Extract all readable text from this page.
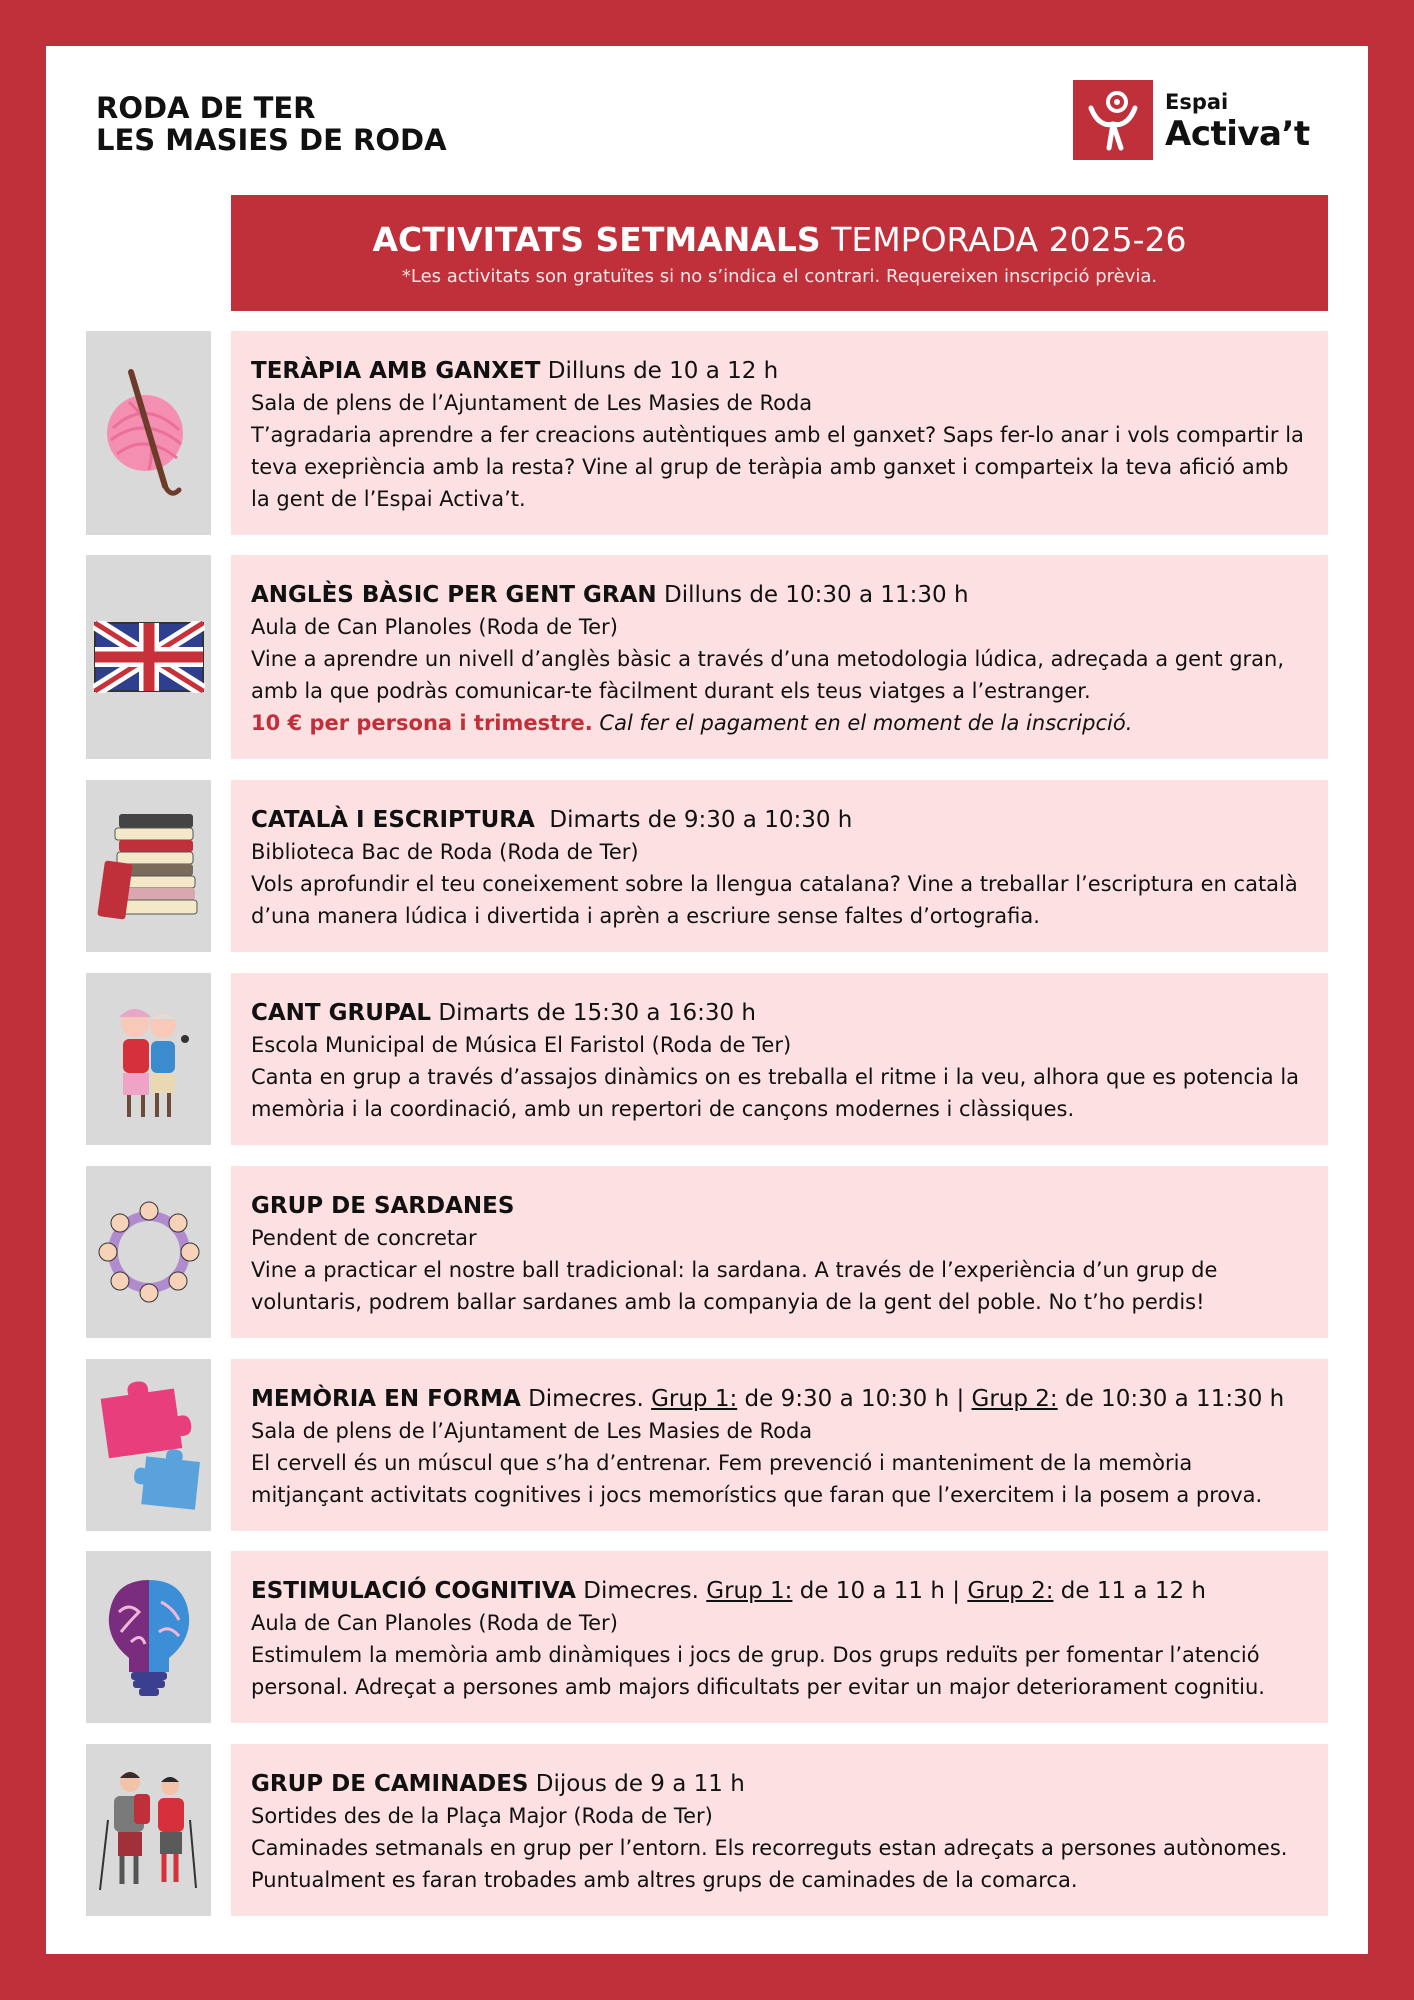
RODA DE TER
LES MASIES DE RODA
Espai
Activa’t
ACTIVITATS SETMANALS TEMPORADA 2025-26
*Les activitats son gratuïtes si no s’indica el contrari. Requereixen inscripció prèvia.

TERÀPIA AMB GANXET Dilluns de 10 a 12 h

Sala de plens de l’Ajuntament de Les Masies de Roda

T’agradaria aprendre a fer creacions autèntiques amb el ganxet? Saps fer-lo anar i vols compartir la teva exepriència amb la resta? Vine al grup de teràpia amb ganxet i comparteix la teva afició amb la gent de l’Espai Activa’t.

ANGLÈS BÀSIC PER GENT GRAN Dilluns de 10:30 a 11:30 h

Aula de Can Planoles (Roda de Ter)

Vine a aprendre un nivell d’anglès bàsic a través d’una metodologia lúdica, adreçada a gent gran, amb la que podràs comunicar-te fàcilment durant els teus viatges a l’estranger.

10 € per persona i trimestre. Cal fer el pagament en el moment de la inscripció.

CATALÀ I ESCRIPTURA Dimarts de 9:30 a 10:30 h

Biblioteca Bac de Roda (Roda de Ter)

Vols aprofundir el teu coneixement sobre la llengua catalana? Vine a treballar l’escriptura en català d’una manera lúdica i divertida i aprèn a escriure sense faltes d’ortografia.

CANT GRUPAL Dimarts de 15:30 a 16:30 h

Escola Municipal de Música El Faristol (Roda de Ter)

Canta en grup a través d’assajos dinàmics on es treballa el ritme i la veu, alhora que es potencia la memòria i la coordinació, amb un repertori de cançons modernes i clàssiques.

GRUP DE SARDANES

Pendent de concretar

Vine a practicar el nostre ball tradicional: la sardana. A través de l’experiència d’un grup de voluntaris, podrem ballar sardanes amb la companyia de la gent del poble. No t’ho perdis!

MEMÒRIA EN FORMA Dimecres. Grup 1: de 9:30 a 10:30 h | Grup 2: de 10:30 a 11:30 h

Sala de plens de l’Ajuntament de Les Masies de Roda

El cervell és un múscul que s’ha d’entrenar. Fem prevenció i manteniment de la memòria mitjançant activitats cognitives i jocs memorístics que faran que l’exercitem i la posem a prova.

ESTIMULACIÓ COGNITIVA Dimecres. Grup 1: de 10 a 11 h | Grup 2: de 11 a 12 h

Aula de Can Planoles (Roda de Ter)

Estimulem la memòria amb dinàmiques i jocs de grup. Dos grups reduïts per fomentar l’atenció personal. Adreçat a persones amb majors dificultats per evitar un major deteriorament cognitiu.

GRUP DE CAMINADES Dijous de 9 a 11 h

Sortides des de la Plaça Major (Roda de Ter)

Caminades setmanals en grup per l’entorn. Els recorreguts estan adreçats a persones autònomes. Puntualment es faran trobades amb altres grups de caminades de la comarca.
